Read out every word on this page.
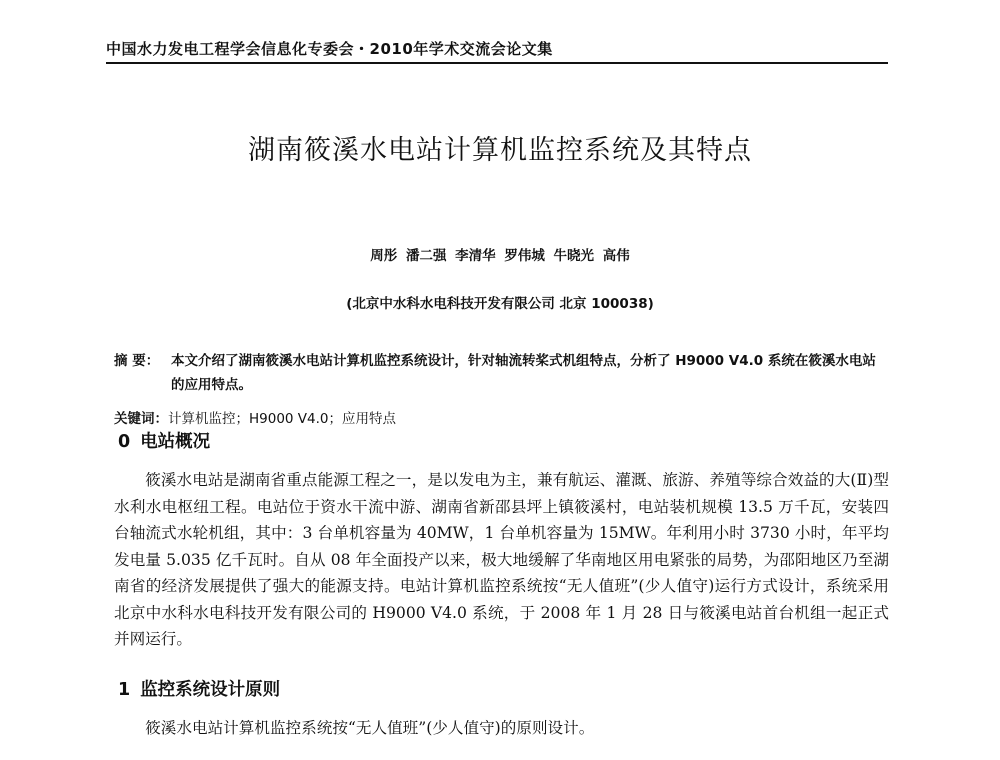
中国水力发电工程学会信息化专委会・2010年学术交流会论文集
湖南筱溪水电站计算机监控系统及其特点
周彤 潘二强 李清华 罗伟城 牛晓光 高伟
(北京中水科水电科技开发有限公司 北京 100038)
摘 要： 本文介绍了湖南筱溪水电站计算机监控系统设计，针对轴流转桨式机组特点，分析了 H9000 V4.0 系统在筱溪水电站的应用特点。
关键词：计算机监控；H9000 V4.0；应用特点
0 电站概况

筱溪水电站是湖南省重点能源工程之一，是以发电为主，兼有航运、灌溉、旅游、养殖等综合效益的大(Ⅱ)型水利水电枢纽工程。电站位于资水干流中游、湖南省新邵县坪上镇筱溪村，电站装机规模 13.5 万千瓦，安装四台轴流式水轮机组，其中：3 台单机容量为 40MW，1 台单机容量为 15MW。年利用小时 3730 小时，年平均发电量 5.035 亿千瓦时。自从 08 年全面投产以来，极大地缓解了华南地区用电紧张的局势，为邵阳地区乃至湖南省的经济发展提供了强大的能源支持。电站计算机监控系统按“无人值班”(少人值守)运行方式设计，系统采用北京中水科水电科技开发有限公司的 H9000 V4.0 系统，于 2008 年 1 月 28 日与筱溪电站首台机组一起正式并网运行。

1 监控系统设计原则

筱溪水电站计算机监控系统按“无人值班”(少人值守)的原则设计。
